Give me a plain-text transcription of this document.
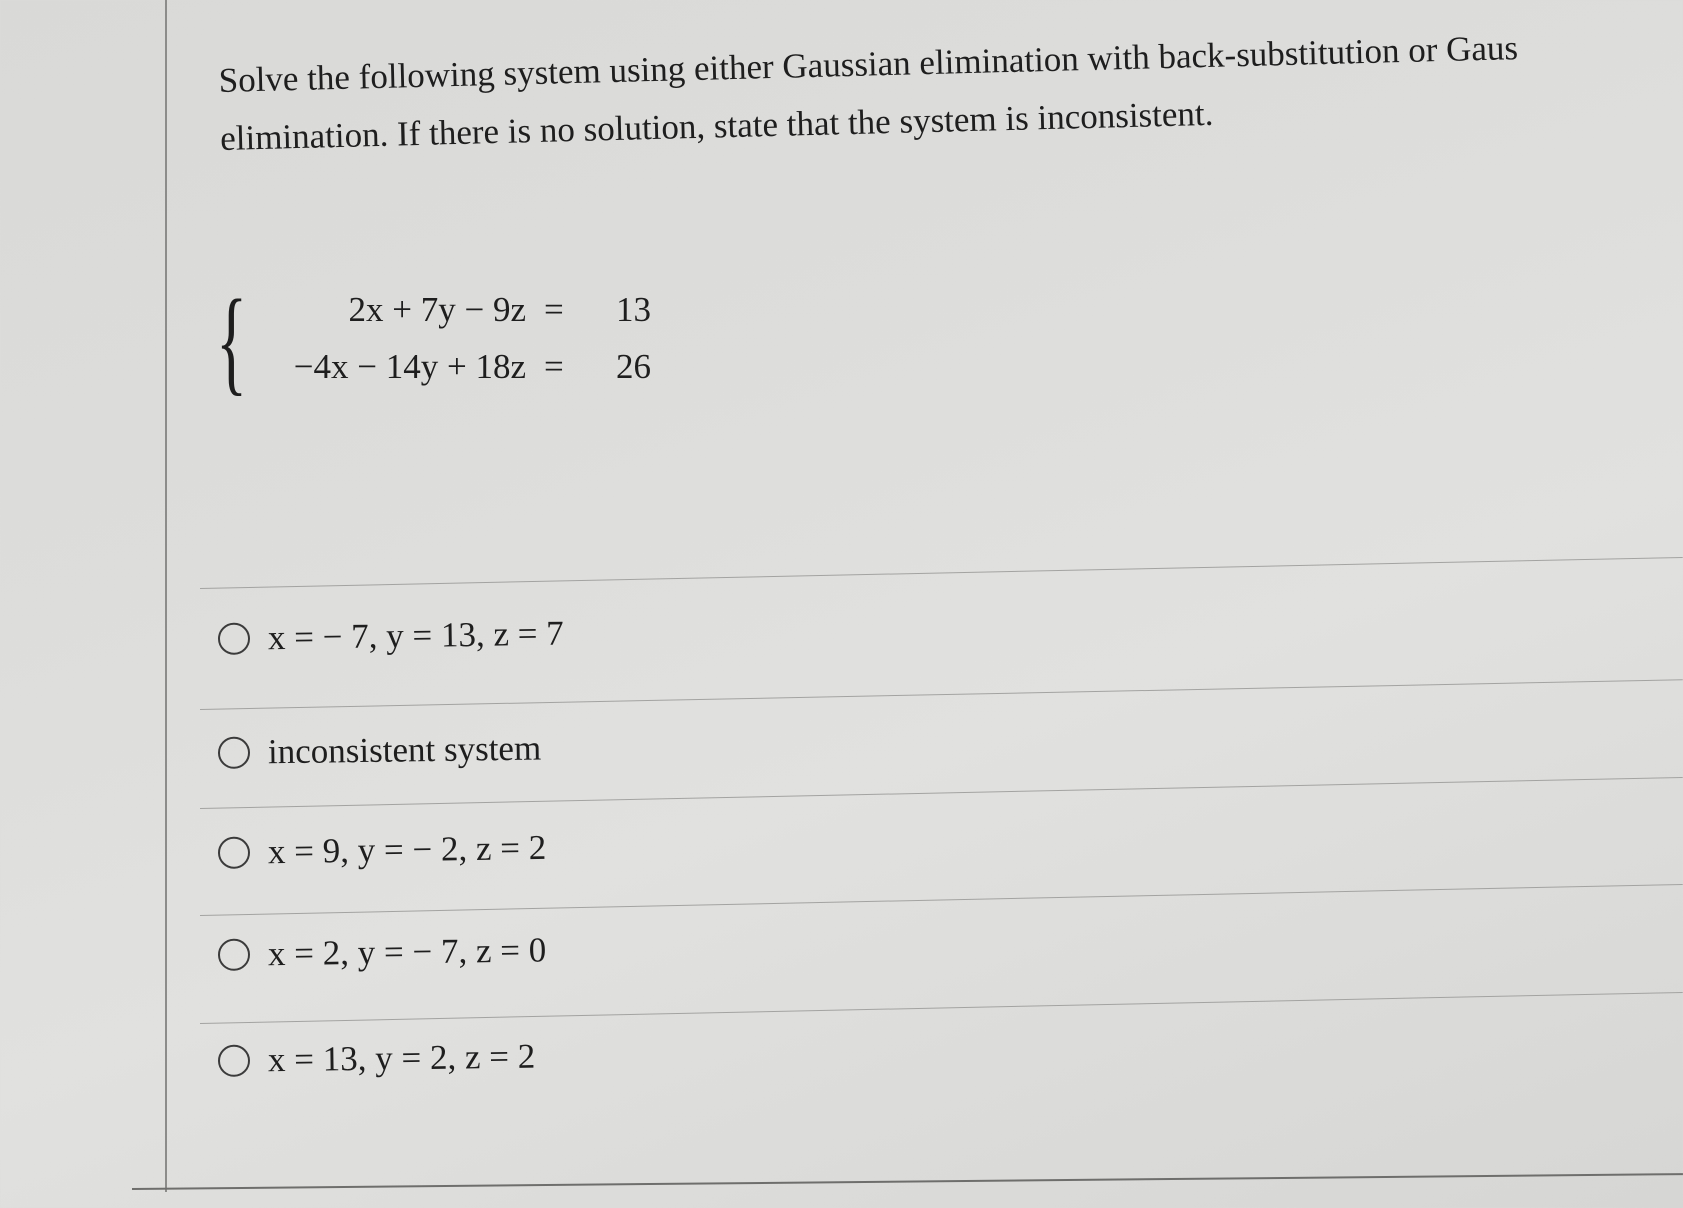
Solve the following system using either Gaussian elimination with back-substitution or Gaus
elimination. If there is no solution, state that the system is inconsistent.
{	2x + 7y − 9z = 13
−4x − 14y + 18z = 26
x = − 7, y = 13, z = 7
inconsistent system
x = 9, y = − 2, z = 2
x = 2, y = − 7, z = 0
x = 13, y = 2, z = 2
